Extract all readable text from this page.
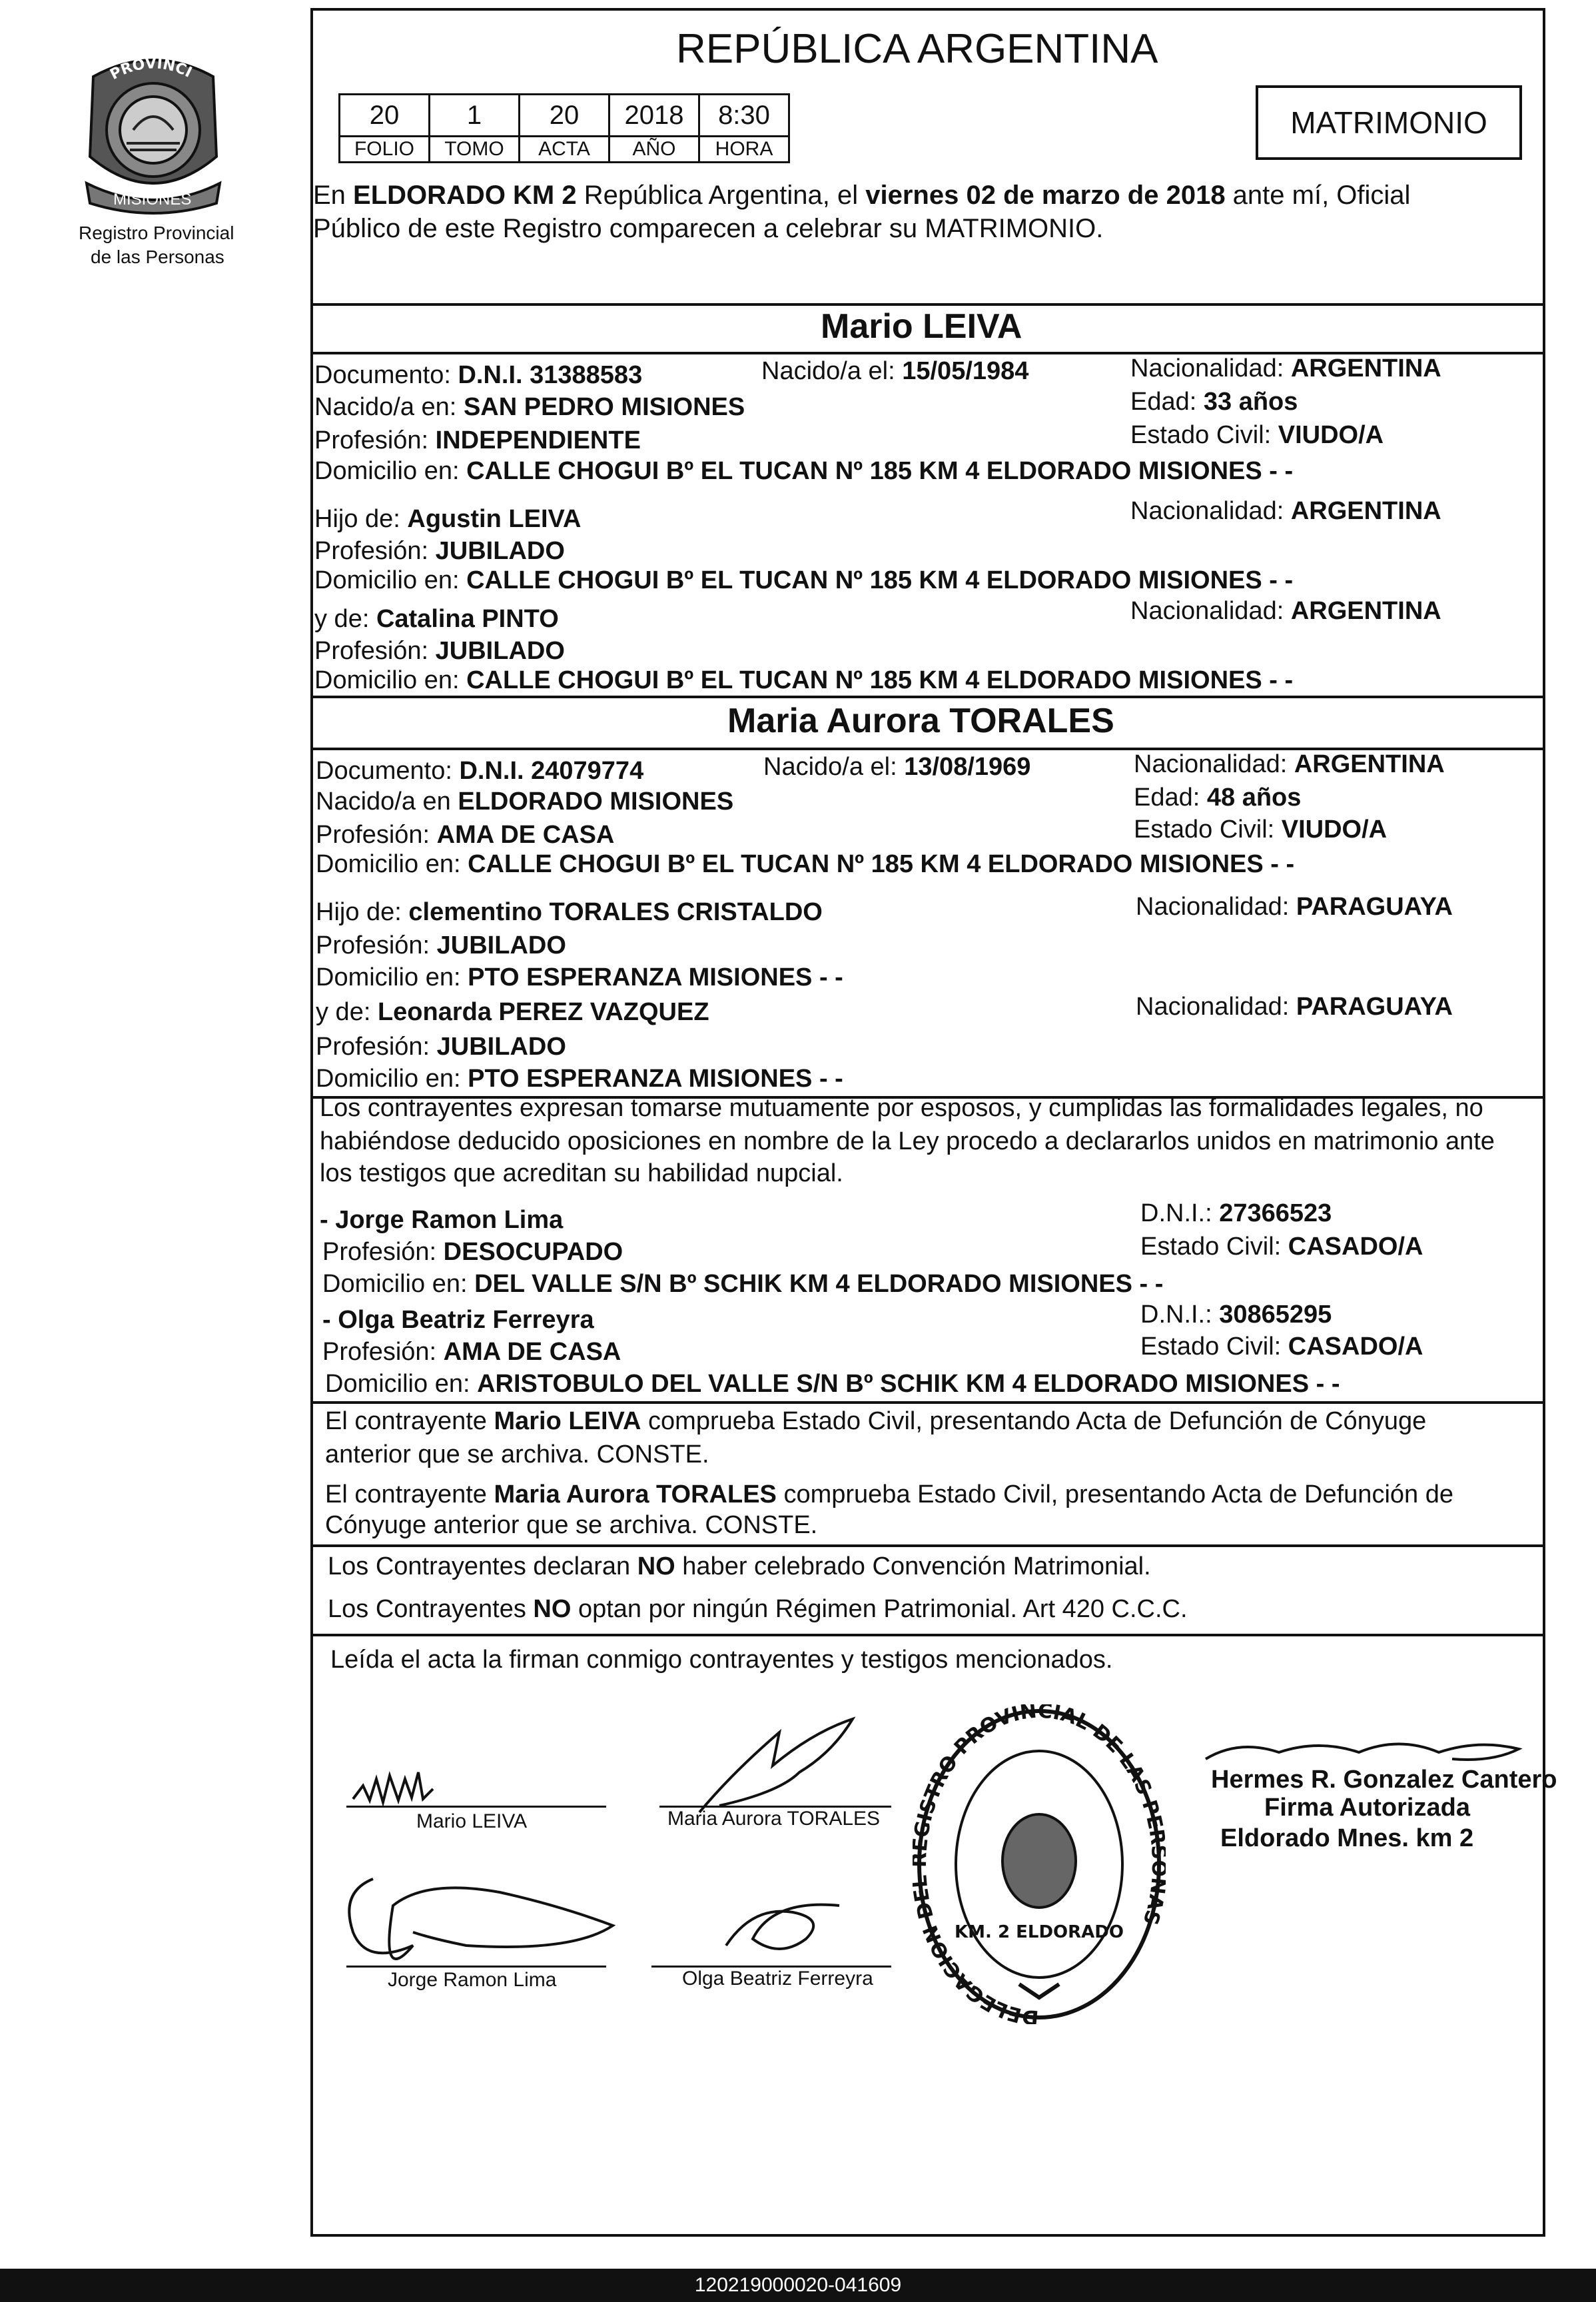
PROVINCI
MISIONES
Registro Provincial
de las Personas
REPÚBLICA ARGENTINA
20	1	20	2018	8:30
FOLIO	TOMO	ACTA	AÑO	HORA
MATRIMONIO
En ELDORADO KM 2 República Argentina, el viernes 02 de marzo de 2018 ante mí, Oficial
Público de este Registro comparecen a celebrar su MATRIMONIO.
Mario LEIVA
Documento: D.N.I. 31388583	Nacido/a el: 15/05/1984	Nacionalidad: ARGENTINA
Nacido/a en: SAN PEDRO MISIONES	Edad: 33 años
Profesión: INDEPENDIENTE	Estado Civil: VIUDO/A
Domicilio en: CALLE CHOGUI Bº EL TUCAN Nº 185 KM 4 ELDORADO MISIONES - -
Hijo de: Agustin LEIVA	Nacionalidad: ARGENTINA
Profesión: JUBILADO
Domicilio en: CALLE CHOGUI Bº EL TUCAN Nº 185 KM 4 ELDORADO MISIONES - -
y de: Catalina PINTO	Nacionalidad: ARGENTINA
Profesión: JUBILADO
Domicilio en: CALLE CHOGUI Bº EL TUCAN Nº 185 KM 4 ELDORADO MISIONES - -
Maria Aurora TORALES
Documento: D.N.I. 24079774	Nacido/a el: 13/08/1969	Nacionalidad: ARGENTINA
Nacido/a en ELDORADO MISIONES	Edad: 48 años
Profesión: AMA DE CASA	Estado Civil: VIUDO/A
Domicilio en: CALLE CHOGUI Bº EL TUCAN Nº 185 KM 4 ELDORADO MISIONES - -
Hijo de: clementino TORALES CRISTALDO	Nacionalidad: PARAGUAYA
Profesión: JUBILADO
Domicilio en: PTO ESPERANZA MISIONES - -
y de: Leonarda PEREZ VAZQUEZ	Nacionalidad: PARAGUAYA
Profesión: JUBILADO
Domicilio en: PTO ESPERANZA MISIONES - -
Los contrayentes expresan tomarse mutuamente por esposos, y cumplidas las formalidades legales, no
habiéndose deducido oposiciones en nombre de la Ley procedo a declararlos unidos en matrimonio ante
los testigos que acreditan su habilidad nupcial.
- Jorge Ramon Lima	D.N.I.: 27366523
Profesión: DESOCUPADO	Estado Civil: CASADO/A
Domicilio en: DEL VALLE S/N Bº SCHIK KM 4 ELDORADO MISIONES - -
- Olga Beatriz Ferreyra	D.N.I.: 30865295
Profesión: AMA DE CASA	Estado Civil: CASADO/A
Domicilio en: ARISTOBULO DEL VALLE S/N Bº SCHIK KM 4 ELDORADO MISIONES - -
El contrayente Mario LEIVA comprueba Estado Civil, presentando Acta de Defunción de Cónyuge
anterior que se archiva. CONSTE.
El contrayente Maria Aurora TORALES comprueba Estado Civil, presentando Acta de Defunción de
Cónyuge anterior que se archiva. CONSTE.
Los Contrayentes declaran NO haber celebrado Convención Matrimonial.
Los Contrayentes NO optan por ningún Régimen Patrimonial. Art 420 C.C.C.
Leída el acta la firman conmigo contrayentes y testigos mencionados.
Mario LEIVA	Maria Aurora TORALES
Jorge Ramon Lima	Olga Beatriz Ferreyra
DELEGACION D ISTRO PROVINCIAL DE LAS PE AS
KM. 2 ELDORADO
Hermes R. Gonzalez Cantero
Firma Autorizada
Eldorado Mnes. km 2
120219000020-041609
